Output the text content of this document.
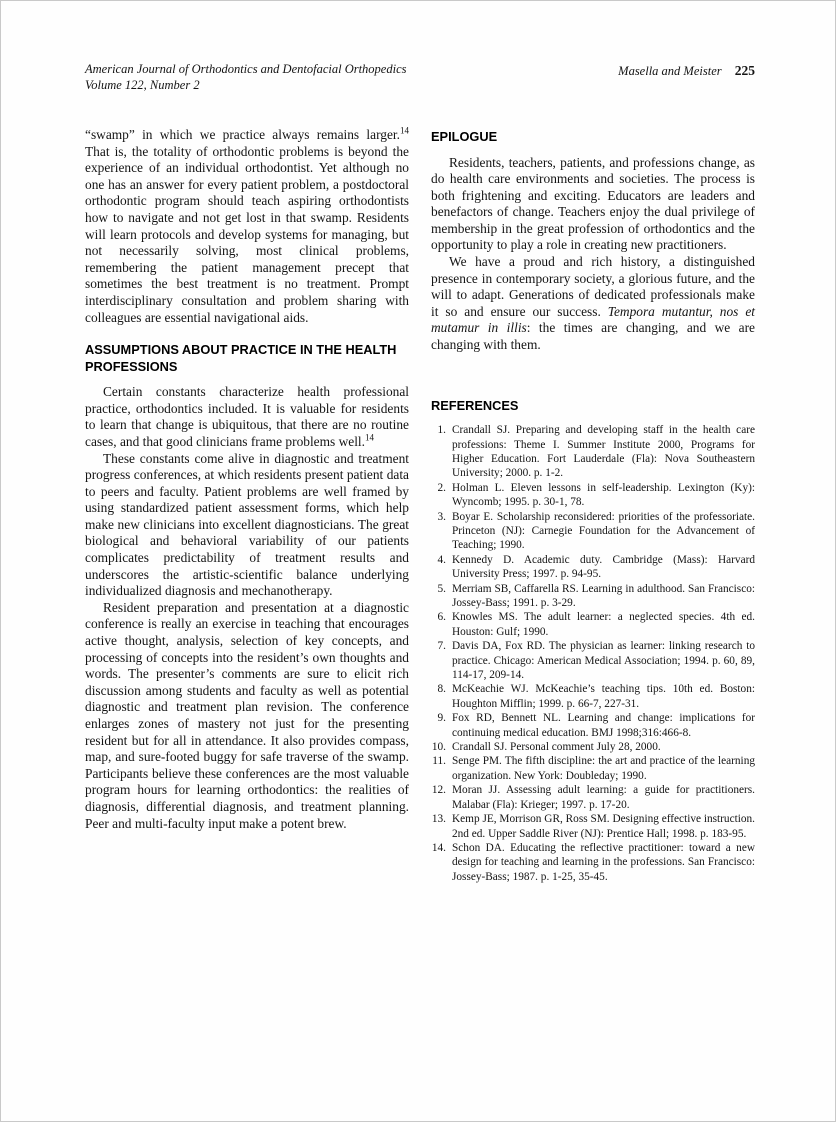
American Journal of Orthodontics and Dentofacial Orthopedics
Volume 122, Number 2
Masella and Meister 225

“swamp” in which we practice always remains larger.$^{14}$ That is, the totality of orthodontic problems is beyond the experience of an individual orthodontist. Yet although no one has an answer for every patient problem, a postdoctoral orthodontic program should teach aspiring orthodontists how to navigate and not get lost in that swamp. Residents will learn protocols and develop systems for managing, but not necessarily solving, most clinical problems, remembering the patient management precept that sometimes the best treatment is no treatment. Prompt interdisciplinary consultation and problem sharing with colleagues are essential navigational aids.

ASSUMPTIONS ABOUT PRACTICE IN THE HEALTH PROFESSIONS

Certain constants characterize health professional practice, orthodontics included. It is valuable for residents to learn that change is ubiquitous, that there are no routine cases, and that good clinicians frame problems well.$^{14}$

These constants come alive in diagnostic and treatment progress conferences, at which residents present patient data to peers and faculty. Patient problems are well framed by using standardized patient assessment forms, which help make new clinicians into excellent diagnosticians. The great biological and behavioral variability of our patients complicates predictability of treatment results and underscores the artistic-scientific balance underlying individualized diagnosis and mechanotherapy.

Resident preparation and presentation at a diagnostic conference is really an exercise in teaching that encourages active thought, analysis, selection of key concepts, and processing of concepts into the resident’s own thoughts and words. The presenter’s comments are sure to elicit rich discussion among students and faculty as well as potential diagnostic and treatment plan revision. The conference enlarges zones of mastery not just for the presenting resident but for all in attendance. It also provides compass, map, and sure-footed buggy for safe traverse of the swamp. Participants believe these conferences are the most valuable program hours for learning orthodontics: the realities of diagnosis, differential diagnosis, and treatment planning. Peer and multi-faculty input make a potent brew.

EPILOGUE

Residents, teachers, patients, and professions change, as do health care environments and societies. The process is both frightening and exciting. Educators are leaders and benefactors of change. Teachers enjoy the dual privilege of membership in the great profession of orthodontics and the opportunity to play a role in creating new practitioners.

We have a proud and rich history, a distinguished presence in contemporary society, a glorious future, and the will to adapt. Generations of dedicated professionals make it so and ensure our success. Tempora mutantur, nos et mutamur in illis: the times are changing, and we are changing with them.

REFERENCES
1. Crandall SJ. Preparing and developing staff in the health care professions: Theme I. Summer Institute 2000, Programs for Higher Education. Fort Lauderdale (Fla): Nova Southeastern University; 2000. p. 1-2.
2. Holman L. Eleven lessons in self-leadership. Lexington (Ky): Wyncomb; 1995. p. 30-1, 78.
3. Boyar E. Scholarship reconsidered: priorities of the professoriate. Princeton (NJ): Carnegie Foundation for the Advancement of Teaching; 1990.
4. Kennedy D. Academic duty. Cambridge (Mass): Harvard University Press; 1997. p. 94-95.
5. Merriam SB, Caffarella RS. Learning in adulthood. San Francisco: Jossey-Bass; 1991. p. 3-29.
6. Knowles MS. The adult learner: a neglected species. 4th ed. Houston: Gulf; 1990.
7. Davis DA, Fox RD. The physician as learner: linking research to practice. Chicago: American Medical Association; 1994. p. 60, 89, 114-17, 209-14.
8. McKeachie WJ. McKeachie’s teaching tips. 10th ed. Boston: Houghton Mifflin; 1999. p. 66-7, 227-31.
9. Fox RD, Bennett NL. Learning and change: implications for continuing medical education. BMJ 1998;316:466-8.
10. Crandall SJ. Personal comment July 28, 2000.
11. Senge PM. The fifth discipline: the art and practice of the learning organization. New York: Doubleday; 1990.
12. Moran JJ. Assessing adult learning: a guide for practitioners. Malabar (Fla): Krieger; 1997. p. 17-20.
13. Kemp JE, Morrison GR, Ross SM. Designing effective instruction. 2nd ed. Upper Saddle River (NJ): Prentice Hall; 1998. p. 183-95.
14. Schon DA. Educating the reflective practitioner: toward a new design for teaching and learning in the professions. San Francisco: Jossey-Bass; 1987. p. 1-25, 35-45.
